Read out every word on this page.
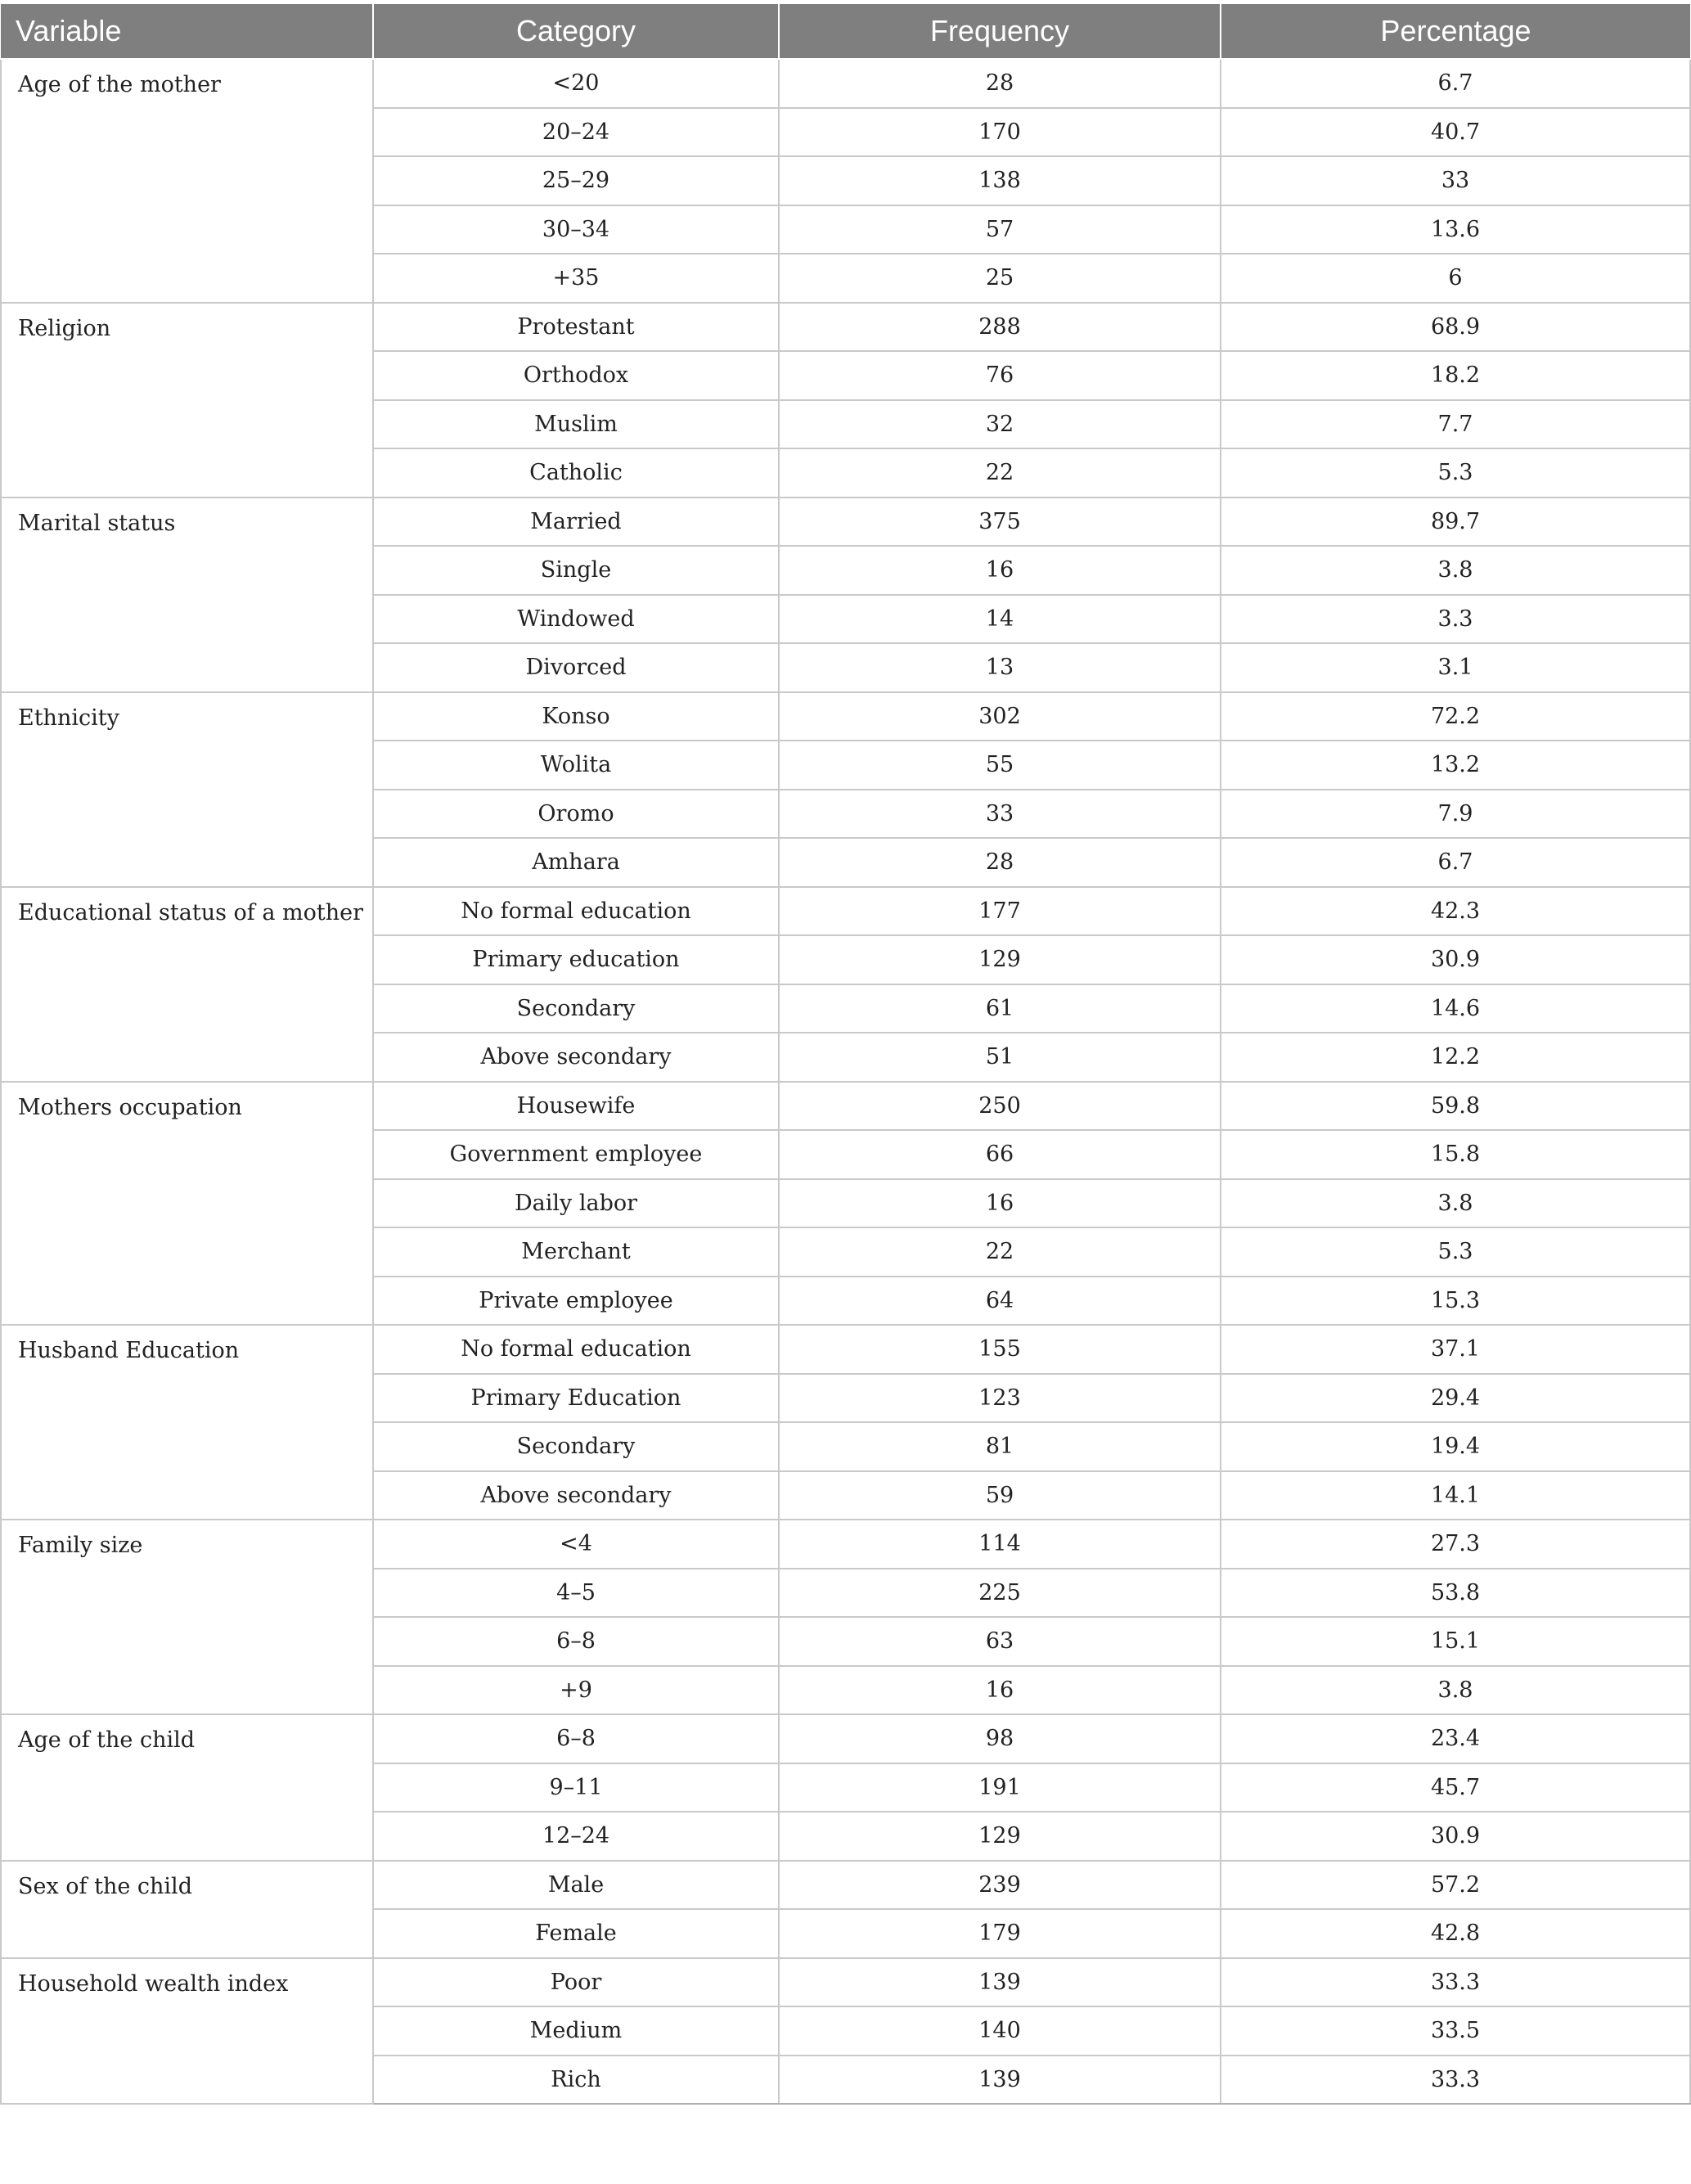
Variable	Category	Frequency	Percentage
Age of the mother	<20	28	6.7
	20–24	170	40.7
	25–29	138	33
	30–34	57	13.6
	+35	25	6
Religion	Protestant	288	68.9
	Orthodox	76	18.2
	Muslim	32	7.7
	Catholic	22	5.3
Marital status	Married	375	89.7
	Single	16	3.8
	Windowed	14	3.3
	Divorced	13	3.1
Ethnicity	Konso	302	72.2
	Wolita	55	13.2
	Oromo	33	7.9
	Amhara	28	6.7
Educational status of a mother	No formal education	177	42.3
	Primary education	129	30.9
	Secondary	61	14.6
	Above secondary	51	12.2
Mothers occupation	Housewife	250	59.8
	Government employee	66	15.8
	Daily labor	16	3.8
	Merchant	22	5.3
	Private employee	64	15.3
Husband Education	No formal education	155	37.1
	Primary Education	123	29.4
	Secondary	81	19.4
	Above secondary	59	14.1
Family size	<4	114	27.3
	4–5	225	53.8
	6–8	63	15.1
	+9	16	3.8
Age of the child	6–8	98	23.4
	9–11	191	45.7
	12–24	129	30.9
Sex of the child	Male	239	57.2
	Female	179	42.8
Household wealth index	Poor	139	33.3
	Medium	140	33.5
	Rich	139	33.3
